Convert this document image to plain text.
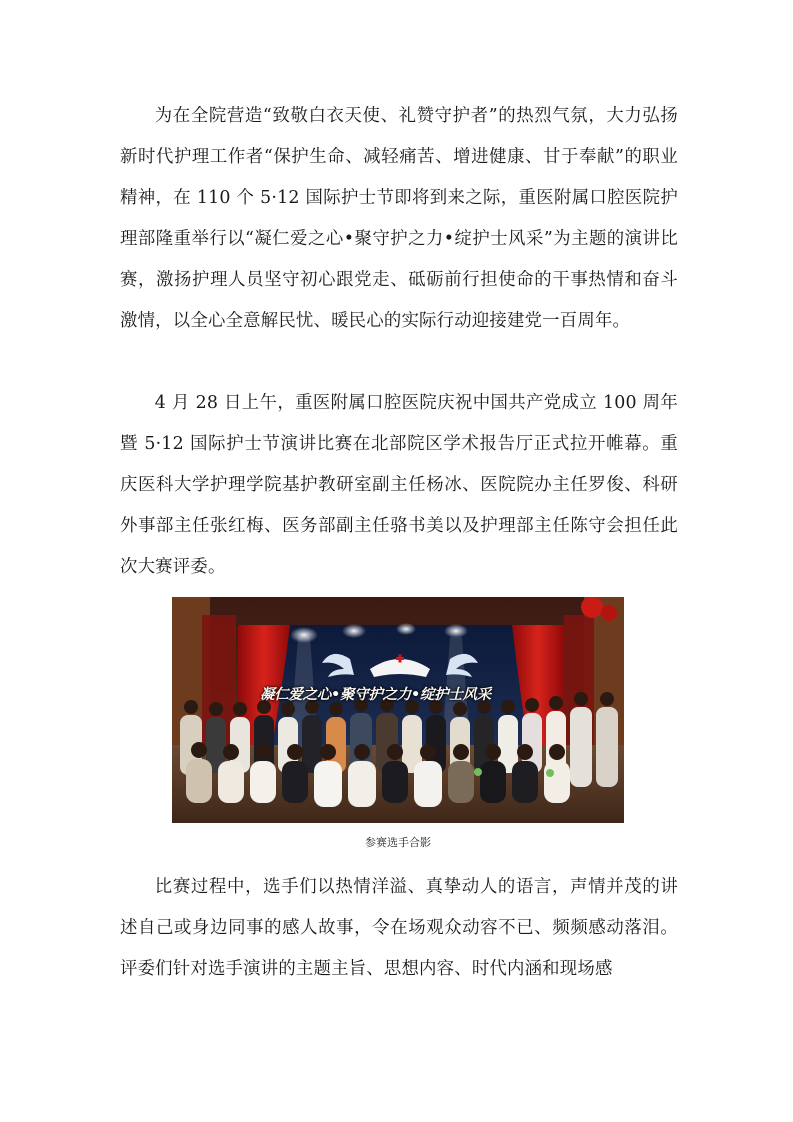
为在全院营造“致敬白衣天使、礼赞守护者”的热烈气氛，大力弘扬新时代护理工作者“保护生命、减轻痛苦、增进健康、甘于奉献”的职业精神，在 110 个 5·12 国际护士节即将到来之际，重医附属口腔医院护理部隆重举行以“凝仁爱之心•聚守护之力•绽护士风采”为主题的演讲比赛，激扬护理人员坚守初心跟党走、砥砺前行担使命的干事热情和奋斗激情，以全心全意解民忧、暖民心的实际行动迎接建党一百周年。

4 月 28 日上午，重医附属口腔医院庆祝中国共产党成立 100 周年暨 5·12 国际护士节演讲比赛在北部院区学术报告厅正式拉开帷幕。重庆医科大学护理学院基护教研室副主任杨冰、医院院办主任罗俊、科研外事部主任张红梅、医务部副主任骆书美以及护理部主任陈守会担任此次大赛评委。

凝仁爱之心•聚守护之力•绽护士风采

参赛选手合影

比赛过程中，选手们以热情洋溢、真挚动人的语言，声情并茂的讲述自己或身边同事的感人故事，令在场观众动容不已、频频感动落泪。评委们针对选手演讲的主题主旨、思想内容、时代内涵和现场感
